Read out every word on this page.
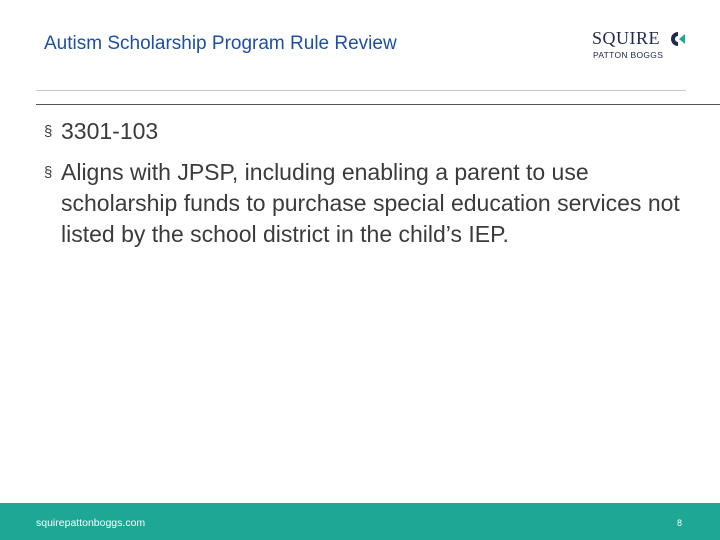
Autism Scholarship Program Rule Review	SQUIRE
PATTON BOGGS
§ 3301-103
§ Aligns with JPSP, including enabling a parent to use scholarship funds to purchase special education services not listed by the school district in the child’s IEP.
squirepattonboggs.com	8
